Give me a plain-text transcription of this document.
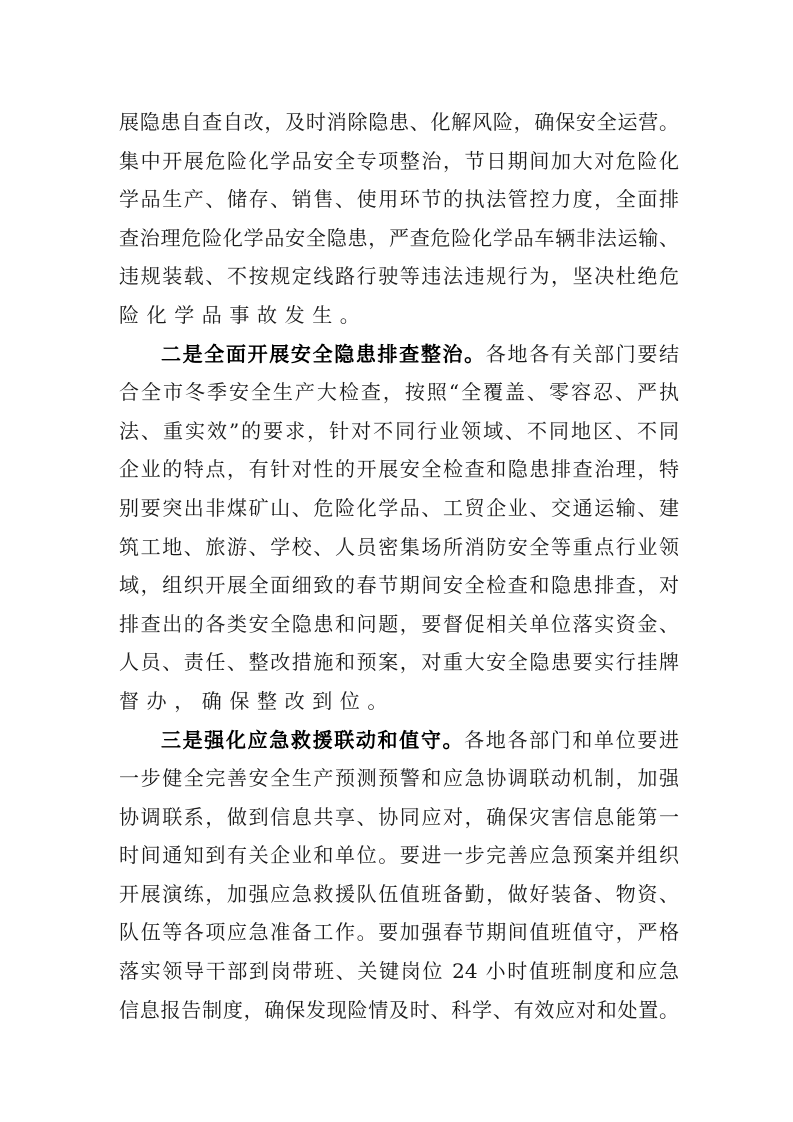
展隐患自查自改，及时消除隐患、化解风险，确保安全运营。
集中开展危险化学品安全专项整治，节日期间加大对危险化
学品生产、储存、销售、使用环节的执法管控力度，全面排
查治理危险化学品安全隐患，严查危险化学品车辆非法运输、
违规装载、不按规定线路行驶等违法违规行为，坚决杜绝危
险化学品事故发生。
二是全面开展安全隐患排查整治。各地各有关部门要结
合全市冬季安全生产大检查，按照“全覆盖、零容忍、严执
法、重实效”的要求，针对不同行业领域、不同地区、不同
企业的特点，有针对性的开展安全检查和隐患排查治理，特
别要突出非煤矿山、危险化学品、工贸企业、交通运输、建
筑工地、旅游、学校、人员密集场所消防安全等重点行业领
域，组织开展全面细致的春节期间安全检查和隐患排查，对
排查出的各类安全隐患和问题，要督促相关单位落实资金、
人员、责任、整改措施和预案，对重大安全隐患要实行挂牌
督办，确保整改到位。
三是强化应急救援联动和值守。各地各部门和单位要进
一步健全完善安全生产预测预警和应急协调联动机制，加强
协调联系，做到信息共享、协同应对，确保灾害信息能第一
时间通知到有关企业和单位。要进一步完善应急预案并组织
开展演练，加强应急救援队伍值班备勤，做好装备、物资、
队伍等各项应急准备工作。要加强春节期间值班值守，严格
落实领导干部到岗带班、关键岗位 24 小时值班制度和应急
信息报告制度，确保发现险情及时、科学、有效应对和处置。
